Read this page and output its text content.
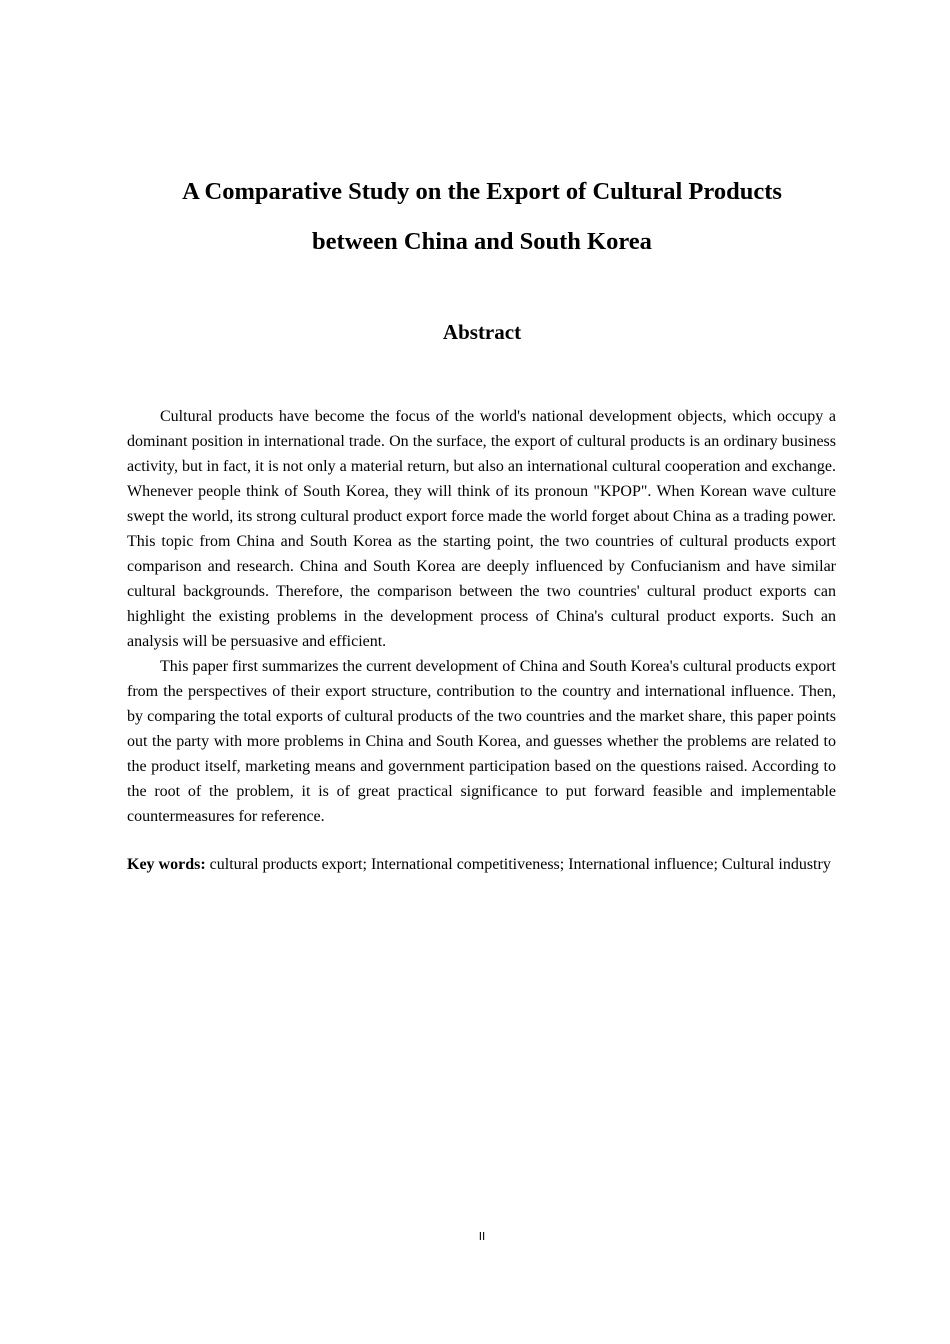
A Comparative Study on the Export of Cultural Products
between China and South Korea
Abstract

Cultural products have become the focus of the world's national development objects, which occupy a dominant position in international trade. On the surface, the export of cultural products is an ordinary business activity, but in fact, it is not only a material return, but also an international cultural cooperation and exchange. Whenever people think of South Korea, they will think of its pronoun "KPOP". When Korean wave culture swept the world, its strong cultural product export force made the world forget about China as a trading power. This topic from China and South Korea as the starting point, the two countries of cultural products export comparison and research. China and South Korea are deeply influenced by Confucianism and have similar cultural backgrounds. Therefore, the comparison between the two countries' cultural product exports can highlight the existing problems in the development process of China's cultural product exports. Such an analysis will be persuasive and efficient.

This paper first summarizes the current development of China and South Korea's cultural products export from the perspectives of their export structure, contribution to the country and international influence. Then, by comparing the total exports of cultural products of the two countries and the market share, this paper points out the party with more problems in China and South Korea, and guesses whether the problems are related to the product itself, marketing means and government participation based on the questions raised. According to the root of the problem, it is of great practical significance to put forward feasible and implementable countermeasures for reference.

Key words: cultural products export; International competitiveness; International influence; Cultural industry

II
